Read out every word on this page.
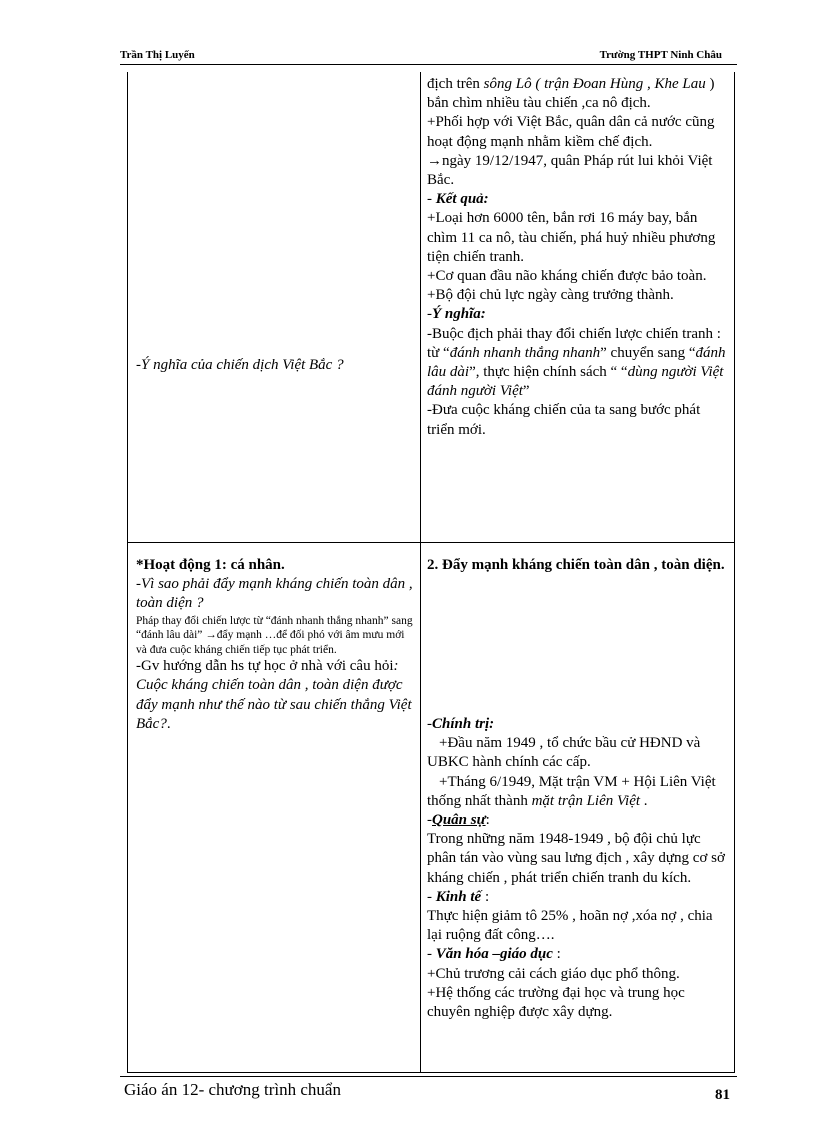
Trần Thị Luyến	Trường THPT Ninh Châu

địch trên sông Lô ( trận Đoan Hùng , Khe Lau ) bắn chìm nhiều tàu chiến ,ca nô địch.

+Phối hợp với Việt Bắc, quân dân cả nước cũng hoạt động mạnh nhằm kiềm chế địch.

→ngày 19/12/1947, quân Pháp rút lui khỏi Việt Bắc.

- Kết quả:

+Loại hơn 6000 tên, bắn rơi 16 máy bay, bắn chìm 11 ca nô, tàu chiến, phá huỷ nhiều phương tiện chiến tranh.

+Cơ quan đầu não kháng chiến được bảo toàn.

+Bộ đội chủ lực ngày càng trưởng thành.

-Ý nghĩa:

-Buộc địch phải thay đổi chiến lược chiến tranh : từ “đánh nhanh thắng nhanh” chuyển sang “đánh lâu dài”, thực hiện chính sách “ “dùng người Việt đánh người Việt”

-Đưa cuộc kháng chiến của ta sang bước phát triển mới.

2. Đẩy mạnh kháng chiến toàn dân , toàn diện.

-Chính trị:

+Đầu năm 1949 , tổ chức bầu cử HĐND và UBKC hành chính các cấp.

+Tháng 6/1949, Mặt trận VM + Hội Liên Việt thống nhất thành mặt trận Liên Việt .

-Quân sự:

Trong những năm 1948-1949 , bộ đội chủ lực phân tán vào vùng sau lưng địch , xây dựng cơ sở kháng chiến , phát triển chiến tranh du kích.

- Kinh tế :

Thực hiện giảm tô 25% , hoãn nợ ,xóa nợ , chia lại ruộng đất công….

- Văn hóa –giáo dục :

+Chủ trương cải cách giáo dục phổ thông.

+Hệ thống các trường đại học và trung học chuyên nghiệp được xây dựng.

-Ý nghĩa của chiến dịch Việt Bắc ?

*Hoạt động 1: cá nhân.

-Vì sao phải đẩy mạnh kháng chiến toàn dân , toàn diện ?

Pháp thay đổi chiến lược từ “đánh nhanh thắng nhanh” sang “đánh lâu dài” →đẩy mạnh …để đối phó với âm mưu mới và đưa cuộc kháng chiến tiếp tục phát triển.

-Gv hướng dẫn hs tự học ở nhà với câu hỏi: Cuộc kháng chiến toàn dân , toàn diện được đẩy mạnh như thế nào từ sau chiến thắng Việt Bắc?.

Giáo án 12- chương trình chuẩn	81
